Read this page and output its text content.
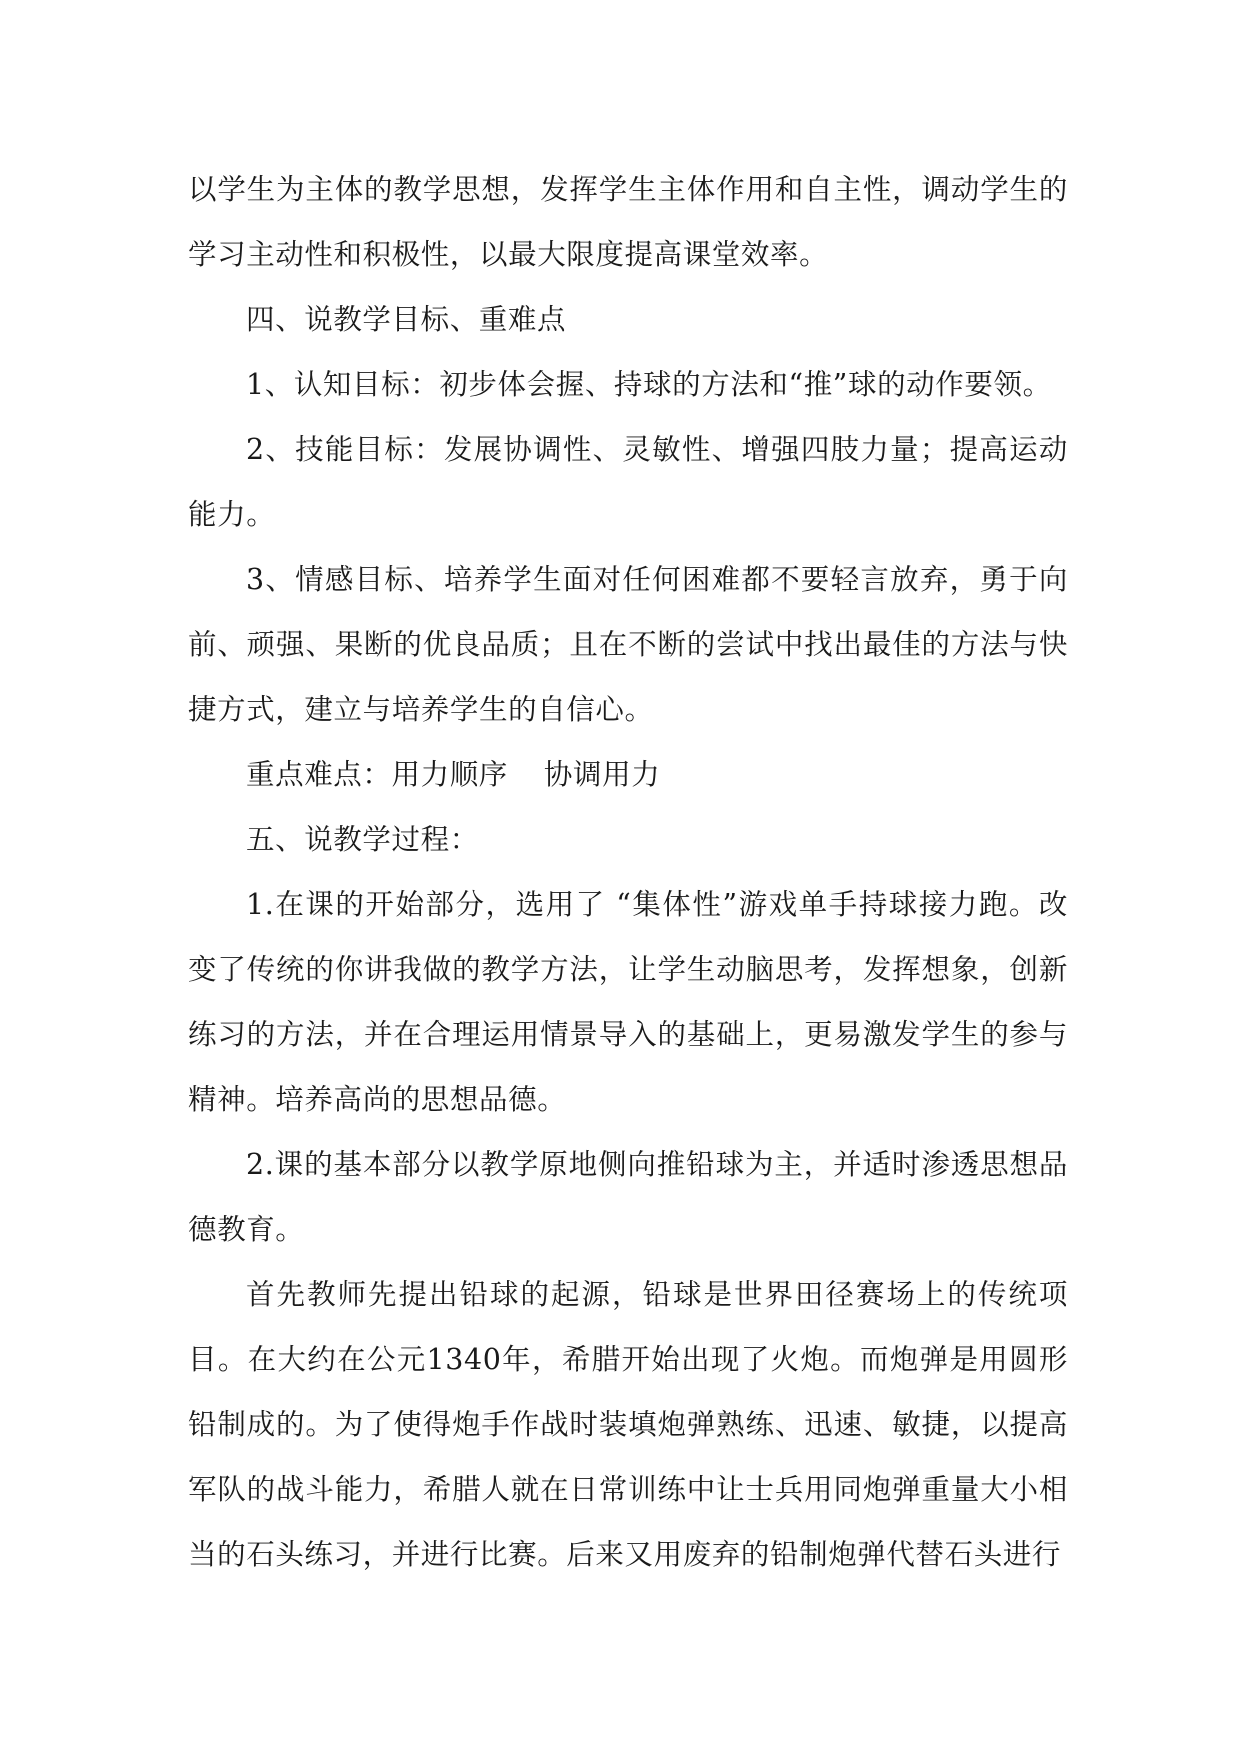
以学生为主体的教学思想，发挥学生主体作用和自主性，调动学生的学习主动性和积极性，以最大限度提高课堂效率。

四、说教学目标、重难点

1、认知目标：初步体会握、持球的方法和“推”球的动作要领。

2、技能目标：发展协调性、灵敏性、增强四肢力量；提高运动能力。

3、情感目标、培养学生面对任何困难都不要轻言放弃，勇于向前、顽强、果断的优良品质；且在不断的尝试中找出最佳的方法与快捷方式，建立与培养学生的自信心。

重点难点：用力顺序 协调用力

五、说教学过程：

1.在课的开始部分，选用了 “集体性”游戏单手持球接力跑。改变了传统的你讲我做的教学方法，让学生动脑思考，发挥想象，创新练习的方法，并在合理运用情景导入的基础上，更易激发学生的参与精神。培养高尚的思想品德。

2.课的基本部分以教学原地侧向推铅球为主，并适时渗透思想品德教育。

首先教师先提出铅球的起源，铅球是世界田径赛场上的传统项目。在大约在公元1340年，希腊开始出现了火炮。而炮弹是用圆形铅制成的。为了使得炮手作战时装填炮弹熟练、迅速、敏捷，以提高军队的战斗能力，希腊人就在日常训练中让士兵用同炮弹重量大小相当的石头练习，并进行比赛。后来又用废弃的铅制炮弹代替石头进行
